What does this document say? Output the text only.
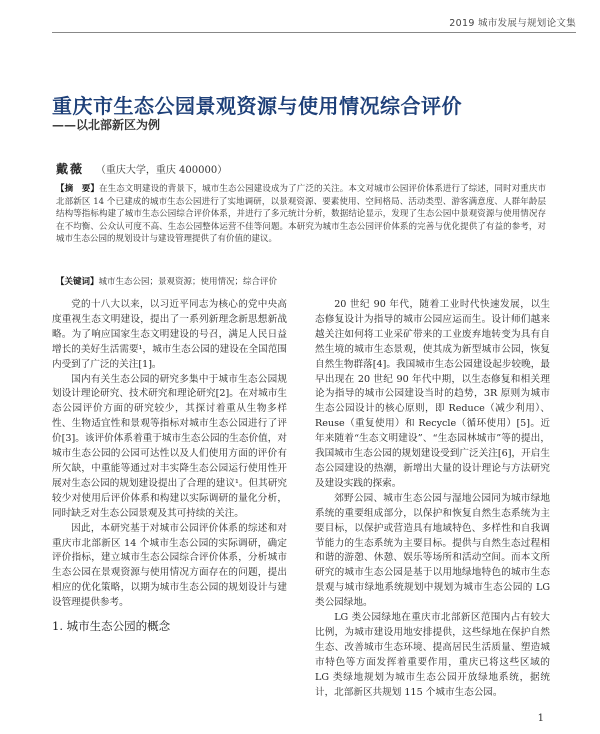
2019 城市发展与规划论文集
重庆市生态公园景观资源与使用情况综合评价
——以北部新区为例
戴薇 （重庆大学，重庆 400000）

【摘　要】在生态文明建设的背景下，城市生态公园建设成为了广泛的关注。本文对城市公园评价体系进行了综述，同时对重庆市北部新区 14 个已建成的城市生态公园进行了实地调研，以景观资源、要素使用、空间格局、活动类型、游客满意度、人群年龄层结构等指标构建了城市生态公园综合评价体系，并进行了多元统计分析，数据结论显示，发现了生态公园中景观资源与使用情况存在不均衡、公众认可度不高、生态公园整体运营不佳等问题。本研究为城市生态公园评价体系的完善与优化提供了有益的参考，对城市生态公园的规划设计与建设管理提供了有价值的建议。

【关键词】城市生态公园；景观资源；使用情况；综合评价

党的十八大以来，以习近平同志为核心的党中央高度重视生态文明建设，提出了一系列新理念新思想新战略。为了响应国家生态文明建设的号召，满足人民日益增长的美好生活需要¹，城市生态公园的建设在全国范围内受到了广泛的关注[1]。

国内有关生态公园的研究多集中于城市生态公园规划设计理论研究、技术研究和理论研究[2]。在对城市生态公园评价方面的研究较少，其探讨着重从生物多样性、生物适宜性和景观等指标对城市生态公园进行了评价[3]。该评价体系着重于城市生态公园的生态价值，对城市生态公园的公园可达性以及人们使用方面的评价有所欠缺，中重能等通过对丰实降生态公园运行使用性开展对生态公园的规划建设提出了合理的建议¹。但其研究较少对使用后评价体系和构建以实际调研的量化分析，同时缺乏对生态公园景观及其可持续的关注。

因此，本研究基于对城市公园评价体系的综述和对重庆市北部新区 14 个城市生态公园的实际调研，确定评价指标，建立城市生态公园综合评价体系，分析城市生态公园在景观资源与使用情况方面存在的问题，提出相应的优化策略，以期为城市生态公园的规划设计与建设管理提供参考。

1. 城市生态公园的概念

20 世纪 90 年代，随着工业时代快速发展，以生态修复设计为指导的城市公园应运而生。设计师们越来越关注如何将工业采矿带来的工业废弃地转变为具有自然生境的城市生态景观，使其成为新型城市公园，恢复自然生物群落[4]。我国城市生态公园建设起步较晚，最早出现在 20 世纪 90 年代中期，以生态修复和相关理论为指导的城市公园建设当时的趋势，3R 原则为城市生态公园设计的核心原则，即 Reduce（减少利用）、Reuse（重复使用）和 Recycle（循环使用）[5]。近年来随着“生态文明建设”、“生态园林城市”等的提出，我国城市生态公园的规划建设受到广泛关注[6]，开启生态公园建设的热潮，新增出大量的设计理论与方法研究及建设实践的探索。

郊野公园、城市生态公园与湿地公园同为城市绿地系统的重要组成部分，以保护和恢复自然生态系统为主要目标，以保护或营造具有地域特色、多样性和自我调节能力的生态系统为主要目标。提供与自然生态过程相和谐的游憩、休憩、娱乐等场所和活动空间。而本文所研究的城市生态公园是基于以用地绿地特色的城市生态景观与城市绿地系统规划中规划为城市生态公园的 LG 类公园绿地。

LG 类公园绿地在重庆市北部新区范围内占有较大比例，为城市建设用地安排提供，这些绿地在保护自然生态、改善城市生态环境、提高居民生活质量、塑造城市特色等方面发挥着重要作用，重庆已将这些区域的 LG 类绿地规划为城市生态公园开放绿地系统，据统计，北部新区共规划 115 个城市生态公园。

1
